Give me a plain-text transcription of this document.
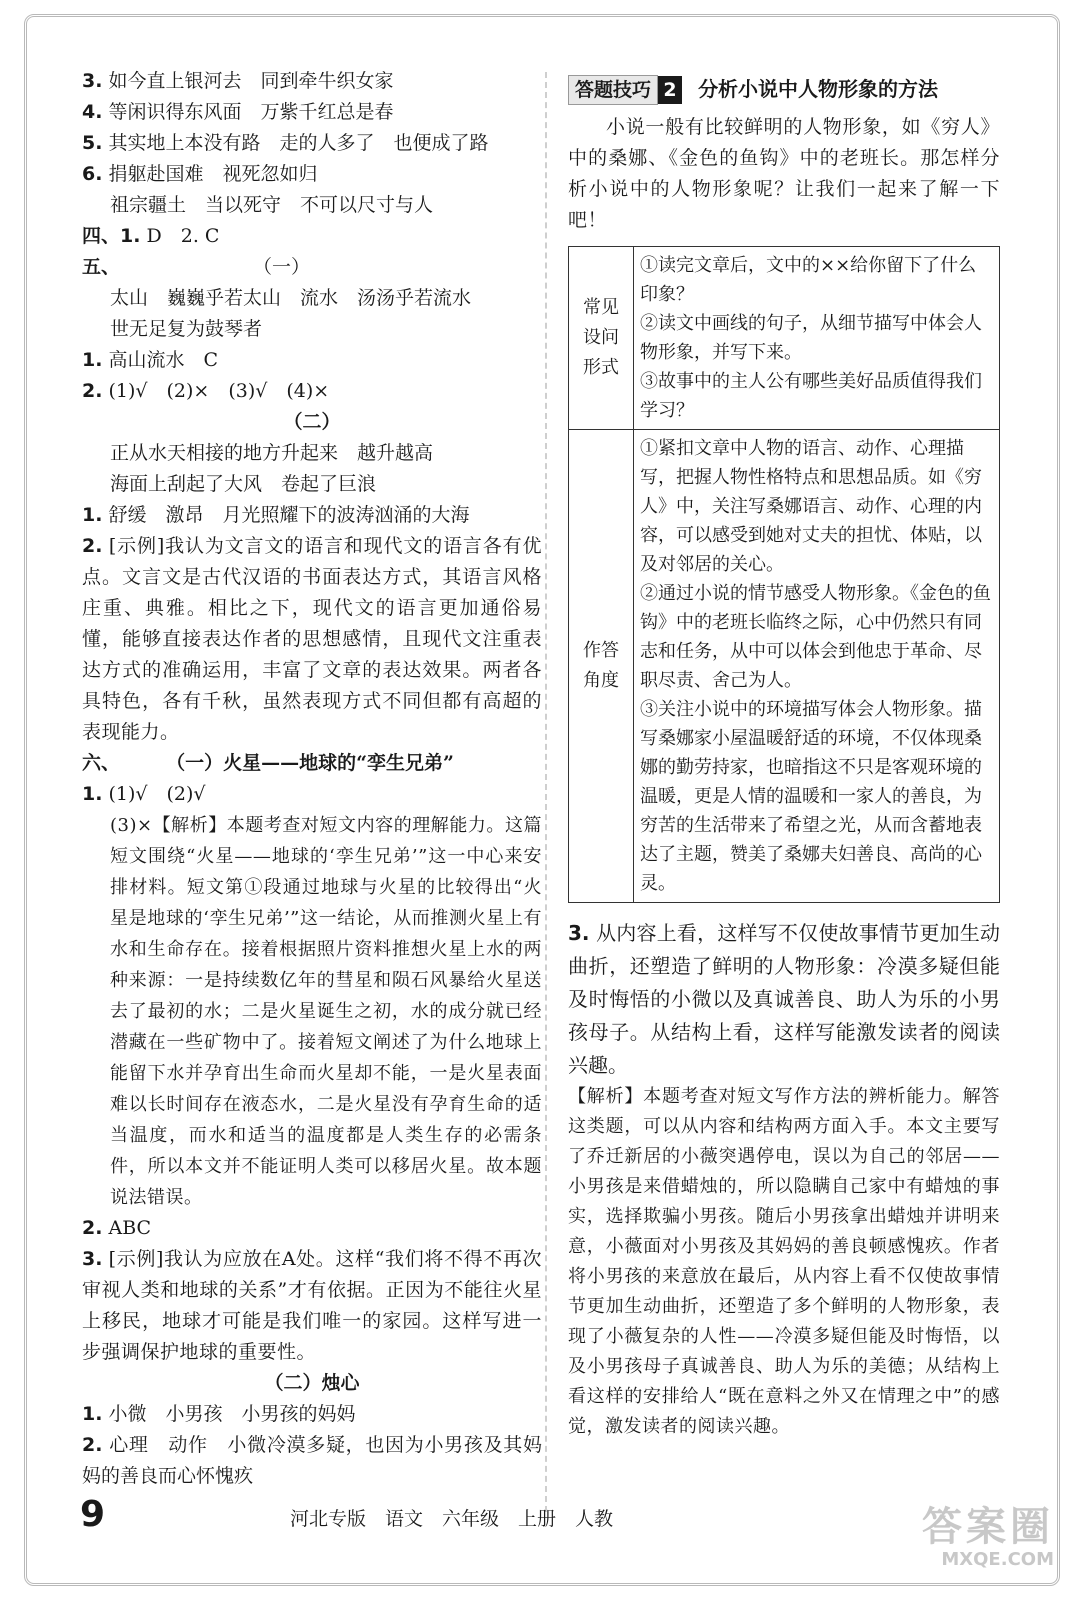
3. 如今直上银河去　同到牵牛织女家
4. 等闲识得东风面　万紫千红总是春
5. 其实地上本没有路　走的人多了　也便成了路
6. 捐躯赴国难　视死忽如归
祖宗疆土　当以死守　不可以尺寸与人
四、1. D　2. C
五、　　　　　　　　（一）
太山　巍巍乎若太山　流水　汤汤乎若流水
世无足复为鼓琴者
1. 高山流水　C
2. (1)√　(2)×　(3)√　(4)×
（二）
正从水天相接的地方升起来　越升越高
海面上刮起了大风　卷起了巨浪
1. 舒缓　激昂　月光照耀下的波涛汹涌的大海
2. [示例]我认为文言文的语言和现代文的语言各有优点。文言文是古代汉语的书面表达方式，其语言风格庄重、典雅。相比之下，现代文的语言更加通俗易懂，能够直接表达作者的思想感情，且现代文注重表达方式的准确运用，丰富了文章的表达效果。两者各具特色，各有千秋，虽然表现方式不同但都有高超的表现能力。
六、 （一）火星——地球的“孪生兄弟”
1. (1)√　(2)√
(3)×【解析】本题考查对短文内容的理解能力。这篇短文围绕“火星——地球的‘孪生兄弟’”这一中心来安排材料。短文第①段通过地球与火星的比较得出“火星是地球的‘孪生兄弟’”这一结论，从而推测火星上有水和生命存在。接着根据照片资料推想火星上水的两种来源：一是持续数亿年的彗星和陨石风暴给火星送去了最初的水；二是火星诞生之初，水的成分就已经潜藏在一些矿物中了。接着短文阐述了为什么地球上能留下水并孕育出生命而火星却不能，一是火星表面难以长时间存在液态水，二是火星没有孕育生命的适当温度，而水和适当的温度都是人类生存的必需条件，所以本文并不能证明人类可以移居火星。故本题说法错误。
2. ABC
3. [示例]我认为应放在A处。这样“我们将不得不再次审视人类和地球的关系”才有依据。正因为不能往火星上移民，地球才可能是我们唯一的家园。这样写进一步强调保护地球的重要性。
（二）烛心
1. 小微　小男孩　小男孩的妈妈
2. 心理　动作　小微冷漠多疑，也因为小男孩及其妈妈的善良而心怀愧疚
答题技巧 2 分析小说中人物形象的方法
小说一般有比较鲜明的人物形象，如《穷人》中的桑娜、《金色的鱼钩》中的老班长。那怎样分析小说中的人物形象呢？让我们一起来了解一下吧！
常见设问形式	①读完文章后，文中的××给你留下了什么印象？
②读文中画线的句子，从细节描写中体会人物形象，并写下来。
③故事中的主人公有哪些美好品质值得我们学习？

作答角度	①紧扣文章中人物的语言、动作、心理描写，把握人物性格特点和思想品质。如《穷人》中，关注写桑娜语言、动作、心理的内容，可以感受到她对丈夫的担忧、体贴，以及对邻居的关心。
②通过小说的情节感受人物形象。《金色的鱼钩》中的老班长临终之际，心中仍然只有同志和任务，从中可以体会到他忠于革命、尽职尽责、舍己为人。
③关注小说中的环境描写体会人物形象。描写桑娜家小屋温暖舒适的环境，不仅体现桑娜的勤劳持家，也暗指这不只是客观环境的温暖，更是人情的温暖和一家人的善良，为穷苦的生活带来了希望之光，从而含蓄地表达了主题，赞美了桑娜夫妇善良、高尚的心灵。
3. 从内容上看，这样写不仅使故事情节更加生动曲折，还塑造了鲜明的人物形象：冷漠多疑但能及时悔悟的小微以及真诚善良、助人为乐的小男孩母子。从结构上看，这样写能激发读者的阅读兴趣。
【解析】本题考查对短文写作方法的辨析能力。解答这类题，可以从内容和结构两方面入手。本文主要写了乔迁新居的小薇突遇停电，误以为自己的邻居——小男孩是来借蜡烛的，所以隐瞒自己家中有蜡烛的事实，选择欺骗小男孩。随后小男孩拿出蜡烛并讲明来意，小薇面对小男孩及其妈妈的善良顿感愧疚。作者将小男孩的来意放在最后，从内容上看不仅使故事情节更加生动曲折，还塑造了多个鲜明的人物形象，表现了小薇复杂的人性——冷漠多疑但能及时悔悟，以及小男孩母子真诚善良、助人为乐的美德；从结构上看这样的安排给人“既在意料之外又在情理之中”的感觉，激发读者的阅读兴趣。
9	河北专版　语文　六年级　上册　人教	答案圈
MXQE.COM
